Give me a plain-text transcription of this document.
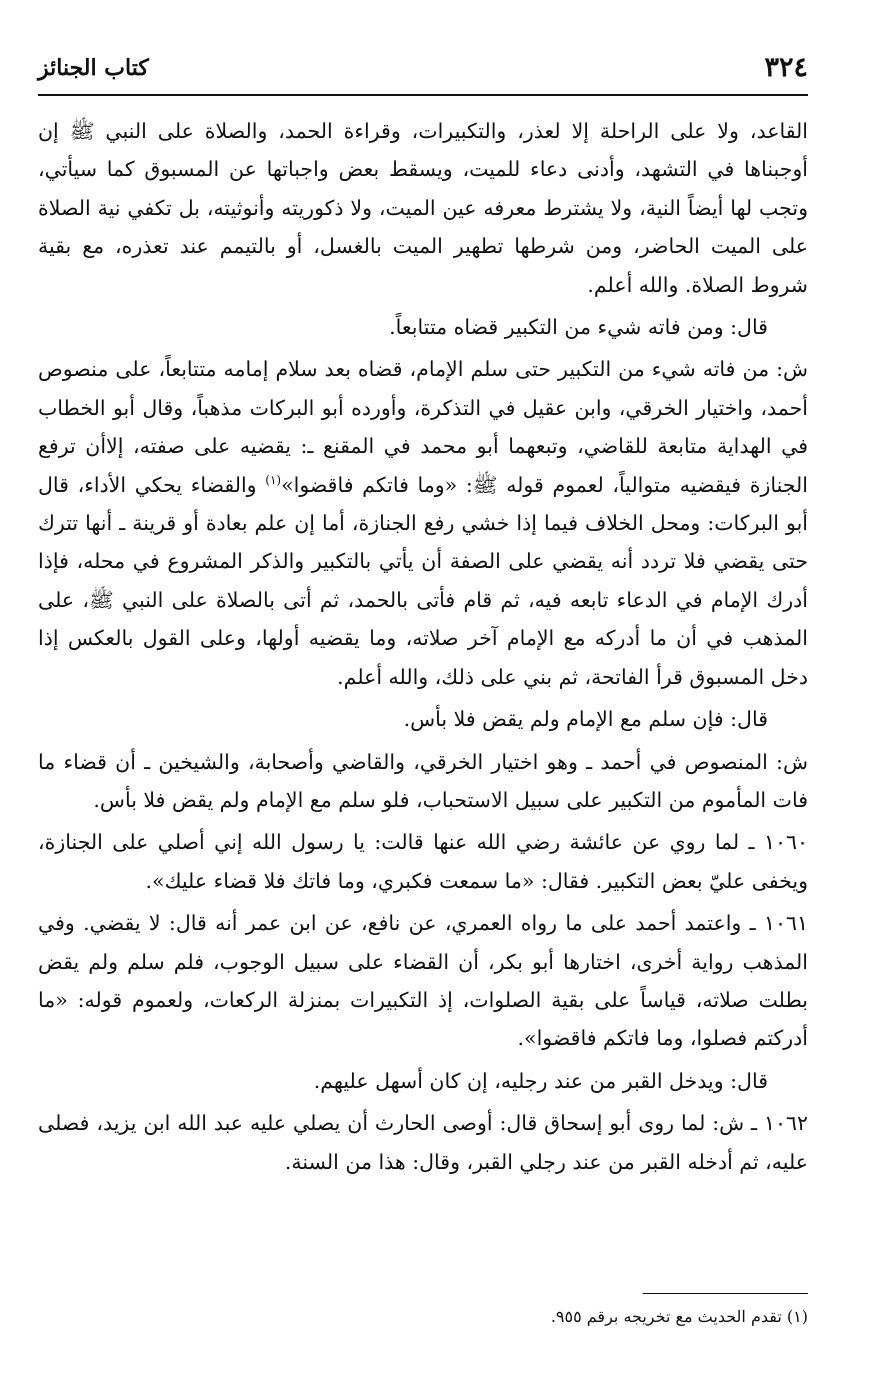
٣٢٤
كتاب الجنائز

القاعد، ولا على الراحلة إلا لعذر، والتكبيرات، وقراءة الحمد، والصلاة على النبي ﷺ إن أوجبناها في التشهد، وأدنى دعاء للميت، ويسقط بعض واجباتها عن المسبوق كما سيأتي، وتجب لها أيضاً النية، ولا يشترط معرفه عين الميت، ولا ذكوريته وأنوثيته، بل تكفي نية الصلاة على الميت الحاضر، ومن شرطها تطهير الميت بالغسل، أو بالتيمم عند تعذره، مع بقية شروط الصلاة. والله أعلم.

قال: ومن فاته شيء من التكبير قضاه متتابعاً.

ش: من فاته شيء من التكبير حتى سلم الإمام، قضاه بعد سلام إمامه متتابعاً، على منصوص أحمد، واختيار الخرقي، وابن عقيل في التذكرة، وأورده أبو البركات مذهباً، وقال أبو الخطاب في الهداية متابعة للقاضي، وتبعهما أبو محمد في المقنع ـ: يقضيه على صفته، إلاأن ترفع الجنازة فيقضيه متوالياً، لعموم قوله ﷺ: «وما فاتكم فاقضوا»$^{(١)}$ والقضاء يحكي الأداء، قال أبو البركات: ومحل الخلاف فيما إذا خشي رفع الجنازة، أما إن علم بعادة أو قرينة ـ أنها تترك حتى يقضي فلا تردد أنه يقضي على الصفة أن يأتي بالتكبير والذكر المشروع في محله، فإذا أدرك الإمام في الدعاء تابعه فيه، ثم قام فأتى بالحمد، ثم أتى بالصلاة على النبي ﷺ، على المذهب في أن ما أدركه مع الإمام آخر صلاته، وما يقضيه أولها، وعلى القول بالعكس إذا دخل المسبوق قرأ الفاتحة، ثم بني على ذلك، والله أعلم.

قال: فإن سلم مع الإمام ولم يقض فلا بأس.

ش: المنصوص في أحمد ـ وهو اختيار الخرقي، والقاضي وأصحابة، والشيخين ـ أن قضاء ما فات المأموم من التكبير على سبيل الاستحباب، فلو سلم مع الإمام ولم يقض فلا بأس.

١٠٦٠ ـ لما روي عن عائشة رضي الله عنها قالت: يا رسول الله إني أصلي على الجنازة، ويخفى عليّ بعض التكبير. فقال: «ما سمعت فكبري، وما فاتك فلا قضاء عليك».

١٠٦١ ـ واعتمد أحمد على ما رواه العمري، عن نافع، عن ابن عمر أنه قال: لا يقضي. وفي المذهب رواية أخرى، اختارها أبو بكر، أن القضاء على سبيل الوجوب، فلم سلم ولم يقض بطلت صلاته، قياساً على بقية الصلوات، إذ التكبيرات بمنزلة الركعات، ولعموم قوله: «ما أدركتم فصلوا، وما فاتكم فاقضوا».

قال: ويدخل القبر من عند رجليه، إن كان أسهل عليهم.

١٠٦٢ ـ ش: لما روى أبو إسحاق قال: أوصى الحارث أن يصلي عليه عبد الله ابن يزيد، فصلى عليه، ثم أدخله القبر من عند رجلي القبر، وقال: هذا من السنة.

(١) تقدم الحديث مع تخريجه برقم ٩٥٥.
